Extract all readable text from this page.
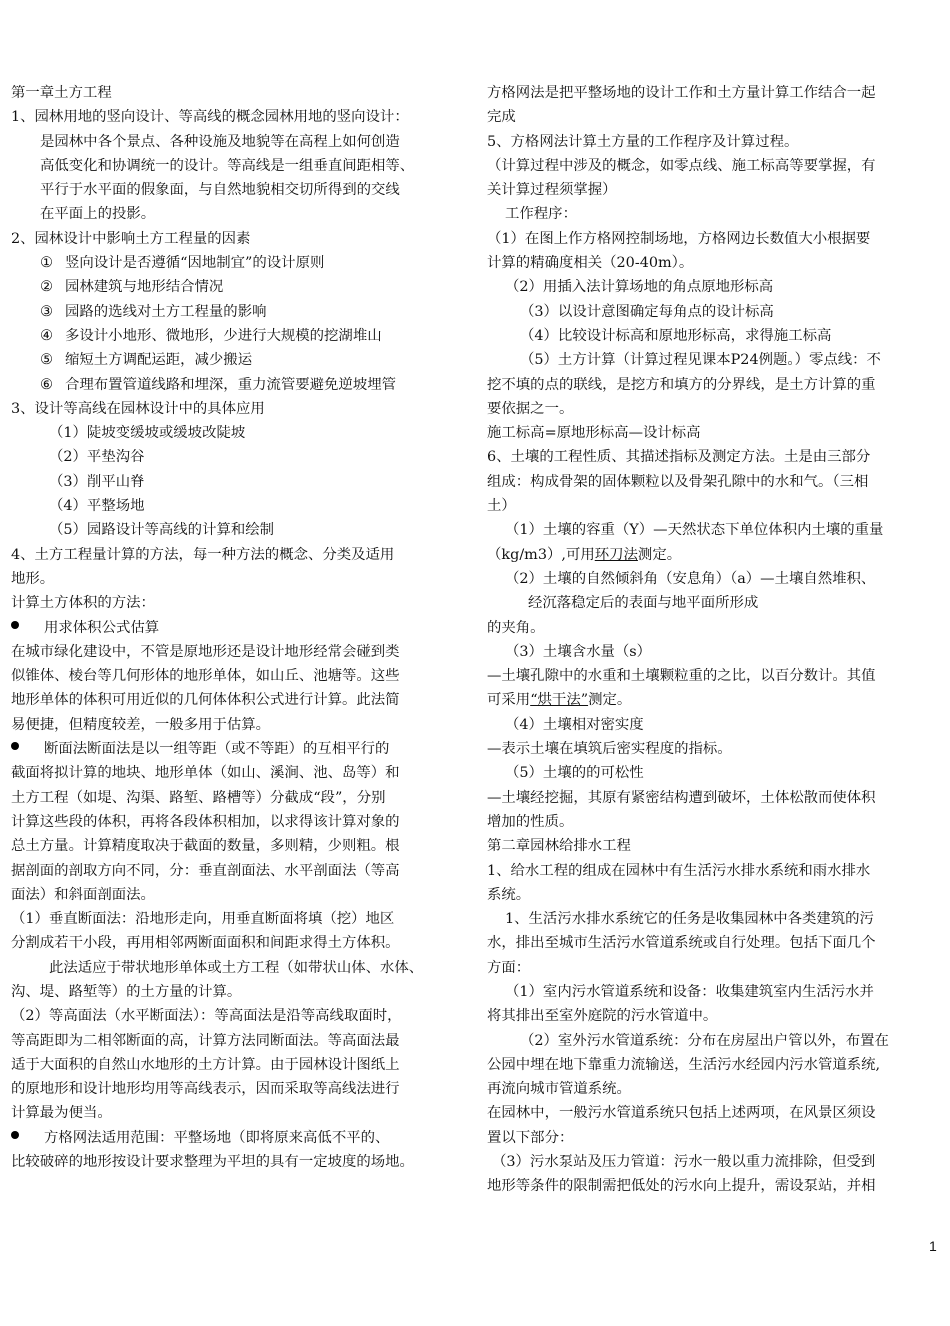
第一章土方工程
1、园林用地的竖向设计、等高线的概念园林用地的竖向设计：
是园林中各个景点、各种设施及地貌等在高程上如何创造
高低变化和协调统一的设计。等高线是一组垂直间距相等、
平行于水平面的假象面，与自然地貌相交切所得到的交线
在平面上的投影。
2、园林设计中影响土方工程量的因素
① 竖向设计是否遵循“因地制宜”的设计原则
② 园林建筑与地形结合情况
③ 园路的选线对土方工程量的影响
④ 多设计小地形、微地形，少进行大规模的挖湖堆山
⑤ 缩短土方调配运距，减少搬运
⑥ 合理布置管道线路和埋深，重力流管要避免逆坡埋管
3、设计等高线在园林设计中的具体应用
（1）陡坡变缓坡或缓坡改陡坡
（2）平垫沟谷
（3）削平山脊
（4）平整场地
（5）园路设计等高线的计算和绘制
4、土方工程量计算的方法，每一种方法的概念、分类及适用
地形。
计算土方体积的方法：
用求体积公式估算
在城市绿化建设中，不管是原地形还是设计地形经常会碰到类
似锥体、棱台等几何形体的地形单体，如山丘、池塘等。这些
地形单体的体积可用近似的几何体体积公式进行计算。此法简
易便捷，但精度较差，一般多用于估算。
断面法断面法是以一组等距（或不等距）的互相平行的
截面将拟计算的地块、地形单体（如山、溪涧、池、岛等）和
土方工程（如堤、沟渠、路堑、路槽等）分截成“段”，分别
计算这些段的体积，再将各段体积相加，以求得该计算对象的
总土方量。计算精度取决于截面的数量，多则精，少则粗。根
据剖面的剖取方向不同，分：垂直剖面法、水平剖面法（等高
面法）和斜面剖面法。
（1）垂直断面法：沿地形走向，用垂直断面将填（挖）地区
分割成若干小段，再用相邻两断面面积和间距求得土方体积。
此法适应于带状地形单体或土方工程（如带状山体、水体、
沟、堤、路堑等）的土方量的计算。
（2）等高面法（水平断面法）：等高面法是沿等高线取面时，
等高距即为二相邻断面的高，计算方法同断面法。等高面法最
适于大面积的自然山水地形的土方计算。由于园林设计图纸上
的原地形和设计地形均用等高线表示，因而采取等高线法进行
计算最为便当。
方格网法适用范围：平整场地（即将原来高低不平的、
比较破碎的地形按设计要求整理为平坦的具有一定坡度的场地。
方格网法是把平整场地的设计工作和土方量计算工作结合一起
完成
5、方格网法计算土方量的工作程序及计算过程。
（计算过程中涉及的概念，如零点线、施工标高等要掌握，有
关计算过程须掌握）
工作程序：
（1）在图上作方格网控制场地，方格网边长数值大小根据要
计算的精确度相关（20-40m）。
（2）用插入法计算场地的角点原地形标高
（3）以设计意图确定每角点的设计标高
（4）比较设计标高和原地形标高，求得施工标高
（5）土方计算（计算过程见课本P24例题。）零点线：不
挖不填的点的联线，是挖方和填方的分界线，是土方计算的重
要依据之一。
施工标高=原地形标高—设计标高
6、土壤的工程性质、其描述指标及测定方法。土是由三部分
组成：构成骨架的固体颗粒以及骨架孔隙中的水和气。（三相
土）
（1）土壤的容重（Y）—天然状态下单位体积内土壤的重量
（kg/m3）,可用环刀法测定。
（2）土壤的自然倾斜角（安息角）（a）—土壤自然堆积、
经沉落稳定后的表面与地平面所形成
的夹角。
（3）土壤含水量（s）
—土壤孔隙中的水重和土壤颗粒重的之比，以百分数计。其值
可采用“烘干法”测定。
（4）土壤相对密实度
—表示土壤在填筑后密实程度的指标。
（5）土壤的的可松性
—土壤经挖掘，其原有紧密结构遭到破坏，土体松散而使体积
增加的性质。
第二章园林给排水工程
1、给水工程的组成在园林中有生活污水排水系统和雨水排水
系统。
1、生活污水排水系统它的任务是收集园林中各类建筑的污
水，排出至城市生活污水管道系统或自行处理。包括下面几个
方面：
（1）室内污水管道系统和设备：收集建筑室内生活污水并
将其排出至室外庭院的污水管道中。
（2）室外污水管道系统：分布在房屋出户管以外，布置在
公园中埋在地下靠重力流输送，生活污水经园内污水管道系统,
再流向城市管道系统。
在园林中，一般污水管道系统只包括上述两项，在风景区须设
置以下部分：
（3）污水泵站及压力管道：污水一般以重力流排除，但受到
地形等条件的限制需把低处的污水向上提升，需设泵站，并相
1
